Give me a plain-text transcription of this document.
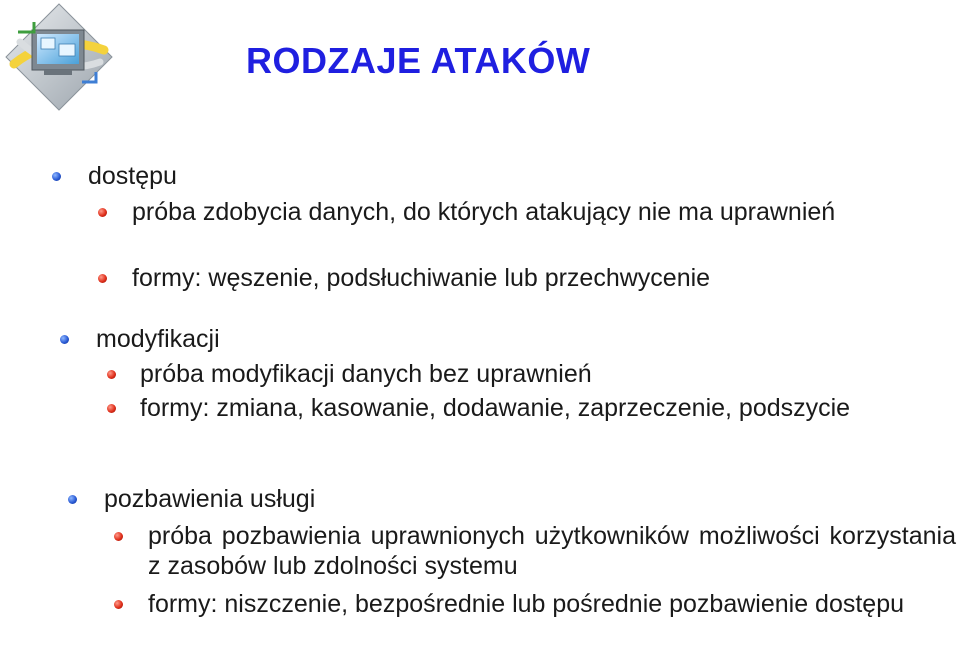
RODZAJE ATAKÓW
dostępu
próba zdobycia danych, do których atakujący nie ma uprawnień
formy: węszenie, podsłuchiwanie lub przechwycenie
modyfikacji
próba modyfikacji danych bez uprawnień
formy: zmiana, kasowanie, dodawanie, zaprzeczenie, podszycie
pozbawienia usługi
próba pozbawienia uprawnionych użytkowników możliwości korzystania z zasobów lub zdolności systemu
formy: niszczenie, bezpośrednie lub pośrednie pozbawienie dostępu
